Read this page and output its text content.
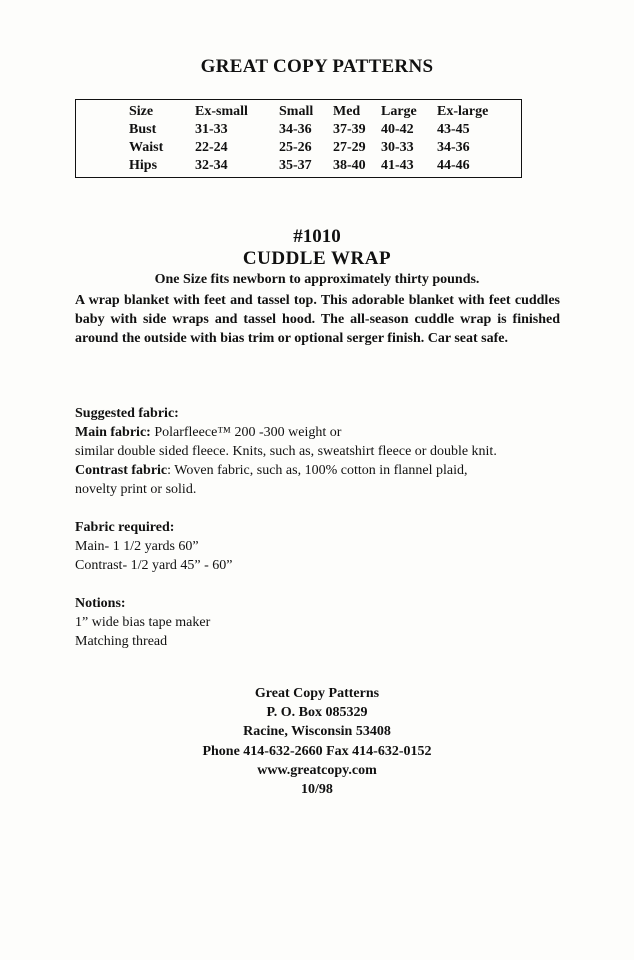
GREAT COPY PATTERNS
Size	Ex-small	Small	Med	Large	Ex-large
Bust	31-33	34-36	37-39	40-42	43-45
Waist	22-24	25-26	27-29	30-33	34-36
Hips	32-34	35-37	38-40	41-43	44-46
#1010
CUDDLE WRAP
One Size fits newborn to approximately thirty pounds.
A wrap blanket with feet and tassel top. This adorable blanket with feet cuddles baby with side wraps and tassel hood. The all-season cuddle wrap is finished around the outside with bias trim or optional serger finish. Car seat safe.
Suggested fabric:
Main fabric: Polarfleece™ 200 -300 weight or
similar double sided fleece. Knits, such as, sweatshirt fleece or double knit.
Contrast fabric: Woven fabric, such as, 100% cotton in flannel plaid,
novelty print or solid.
Fabric required:
Main- 1 1/2 yards 60”
Contrast- 1/2 yard 45” - 60”
Notions:
1” wide bias tape maker
Matching thread
Great Copy Patterns
P. O. Box 085329
Racine, Wisconsin 53408
Phone 414-632-2660 Fax 414-632-0152
www.greatcopy.com
10/98
